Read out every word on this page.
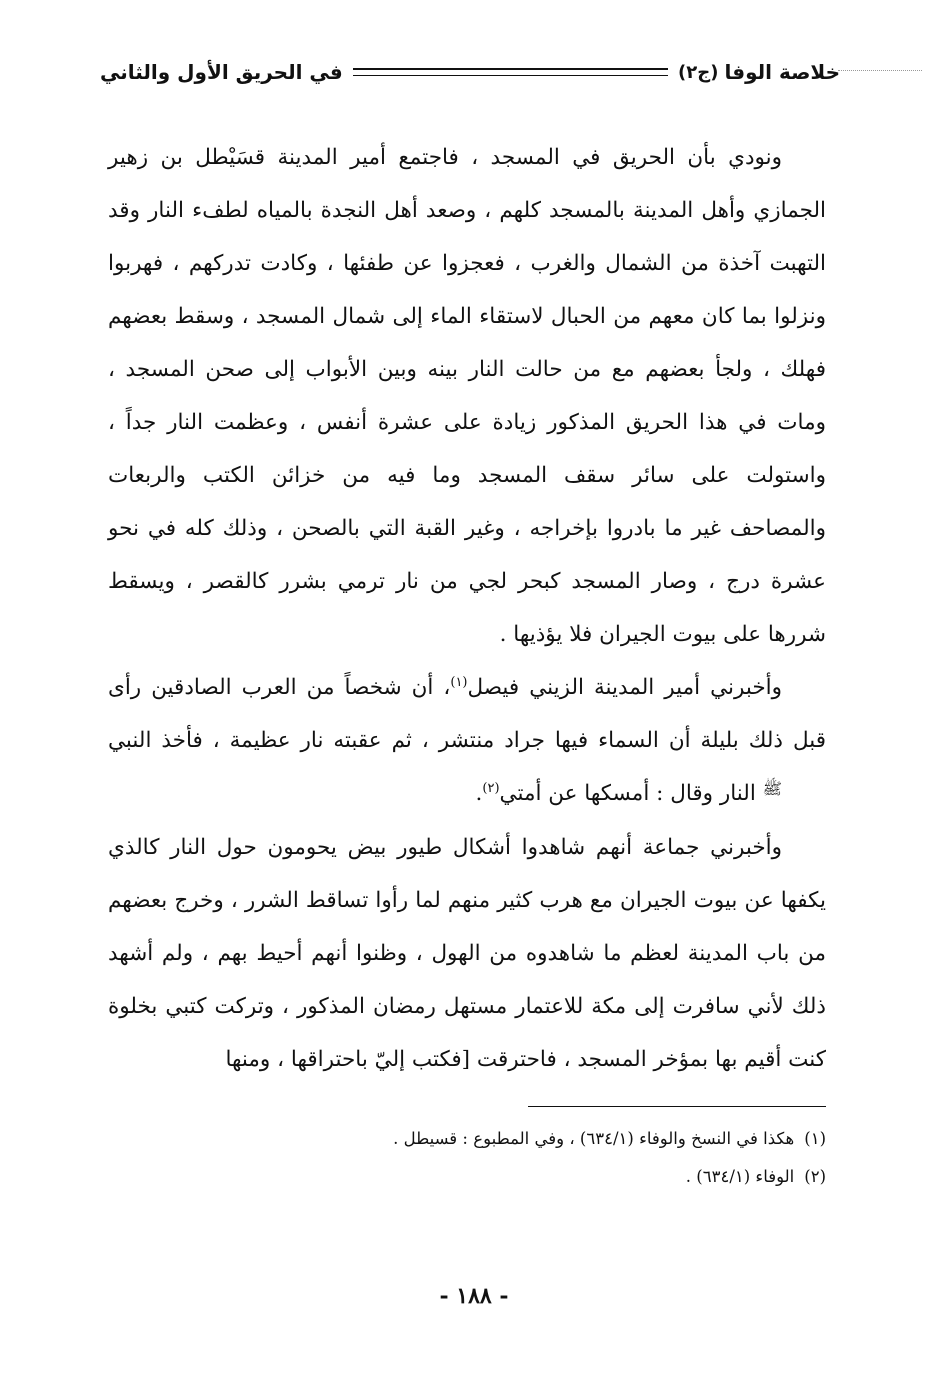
خلاصة الوفا
(ج٢)
في الحريق الأول والثاني

ونودي بأن الحريق في المسجد ، فاجتمع أمير المدينة قسَيْطل بن زهير الجمازي وأهل المدينة بالمسجد كلهم ، وصعد أهل النجدة بالمياه لطفء النار وقد التهبت آخذة من الشمال والغرب ، فعجزوا عن طفئها ، وكادت تدركهم ، فهربوا ونزلوا بما كان معهم من الحبال لاستقاء الماء إلى شمال المسجد ، وسقط بعضهم فهلك ، ولجأ بعضهم مع من حالت النار بينه وبين الأبواب إلى صحن المسجد ، ومات في هذا الحريق المذكور زيادة على عشرة أنفس ، وعظمت النار جداً ، واستولت على سائر سقف المسجد وما فيه من خزائن الكتب والربعات والمصاحف غير ما بادروا بإخراجه ، وغير القبة التي بالصحن ، وذلك كله في نحو عشرة درج ، وصار المسجد كبحر لجي من نار ترمي بشرر كالقصر ، ويسقط شررها على بيوت الجيران فلا يؤذيها .

وأخبرني أمير المدينة الزيني فيصل$^{(١)}$، أن شخصاً من العرب الصادقين رأى قبل ذلك بليلة أن السماء فيها جراد منتشر ، ثم عقبته نار عظيمة ، فأخذ النبي ﷺ النار وقال : أمسكها عن أمتي$^{(٢)}$.

وأخبرني جماعة أنهم شاهدوا أشكال طيور بيض يحومون حول النار كالذي يكفها عن بيوت الجيران مع هرب كثير منهم لما رأوا تساقط الشرر ، وخرج بعضهم من باب المدينة لعظم ما شاهدوه من الهول ، وظنوا أنهم أحيط بهم ، ولم أشهد ذلك لأني سافرت إلى مكة للاعتمار مستهل رمضان المذكور ، وتركت كتبي بخلوة كنت أقيم بها بمؤخر المسجد ، فاحترقت [فكتب إليّ باحتراقها ، ومنها

(١)
هكذا في النسخ والوفاء (٦٣٤/١) ، وفي المطبوع : قسيطل .
(٢)
الوفاء (٦٣٤/١) .
- ١٨٨ -
